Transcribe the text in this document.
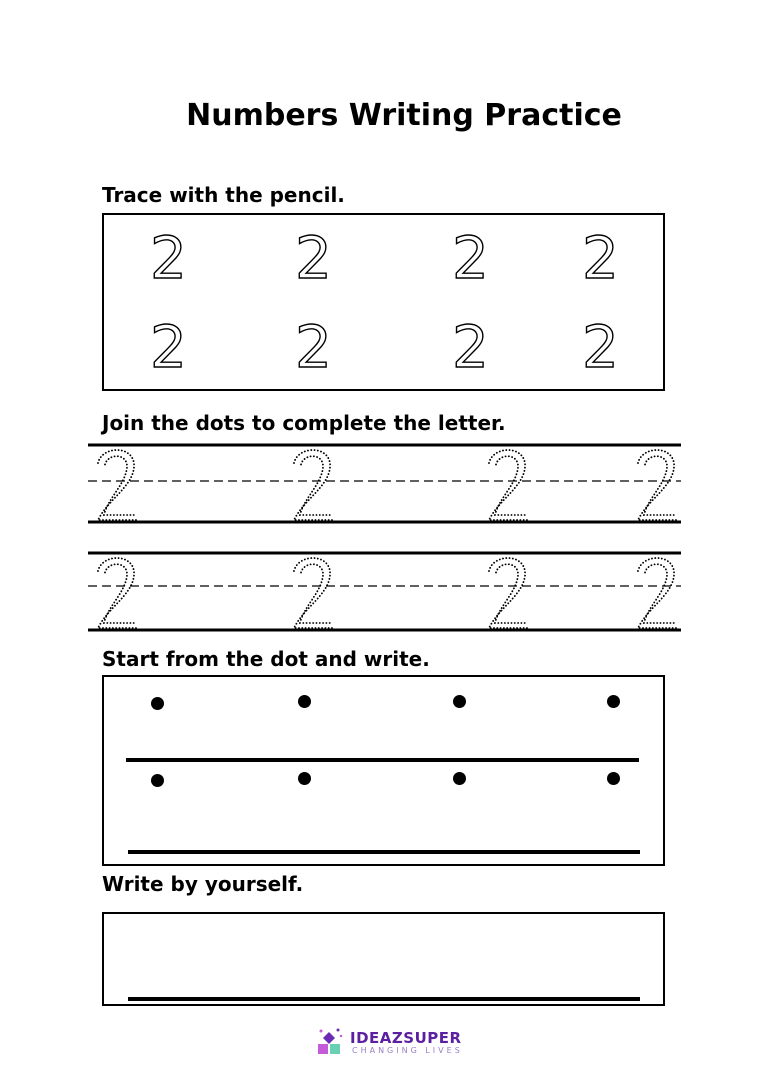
Numbers Writing Practice
Trace with the pencil.
2 2 2 2
2 2 2 2
Join the dots to complete the letter.
Start from the dot and write.
Write by yourself.
IDEAZSUPER
CHANGING LIVES
